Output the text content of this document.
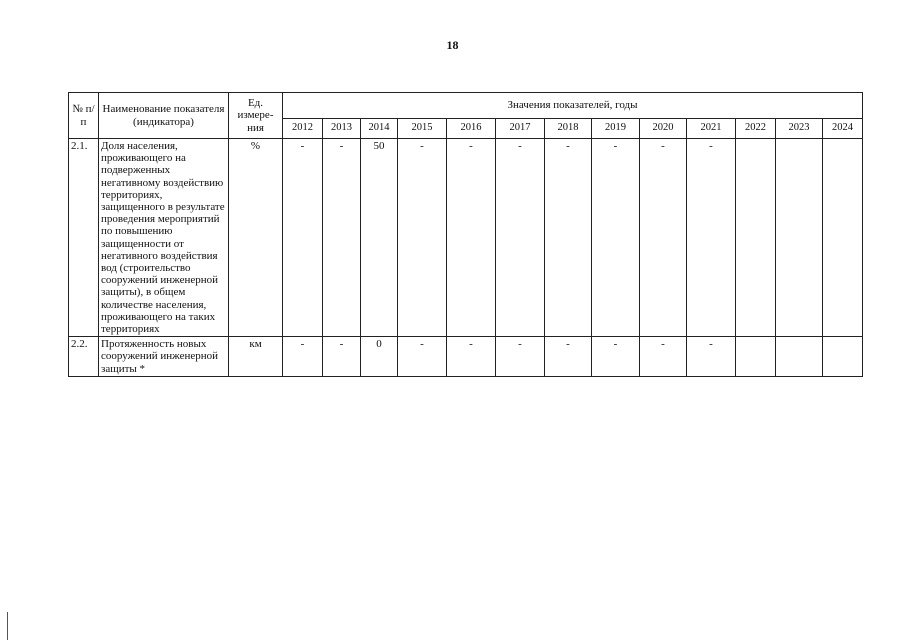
18
№ п/п	Наименование показателя (индикатора)	Ед. измере-ния	Значения показателей, годы												
			2012	2013	2014	2015	2016	2017	2018	2019	2020	2021	2022	2023	2024
2.1.	Доля населения, проживающего на подверженных негативному воздействию территориях, защищенного в результате проведения мероприятий по повышению защищенности от негативного воздействия вод (строительство сооружений инженерной защиты), в общем количестве населения, проживающего на таких территориях	%	-	-	50	-	-	-	-	-	-	-			
2.2.	Протяженность новых сооружений инженерной защиты *	км	-	-	0	-	-	-	-	-	-	-			
